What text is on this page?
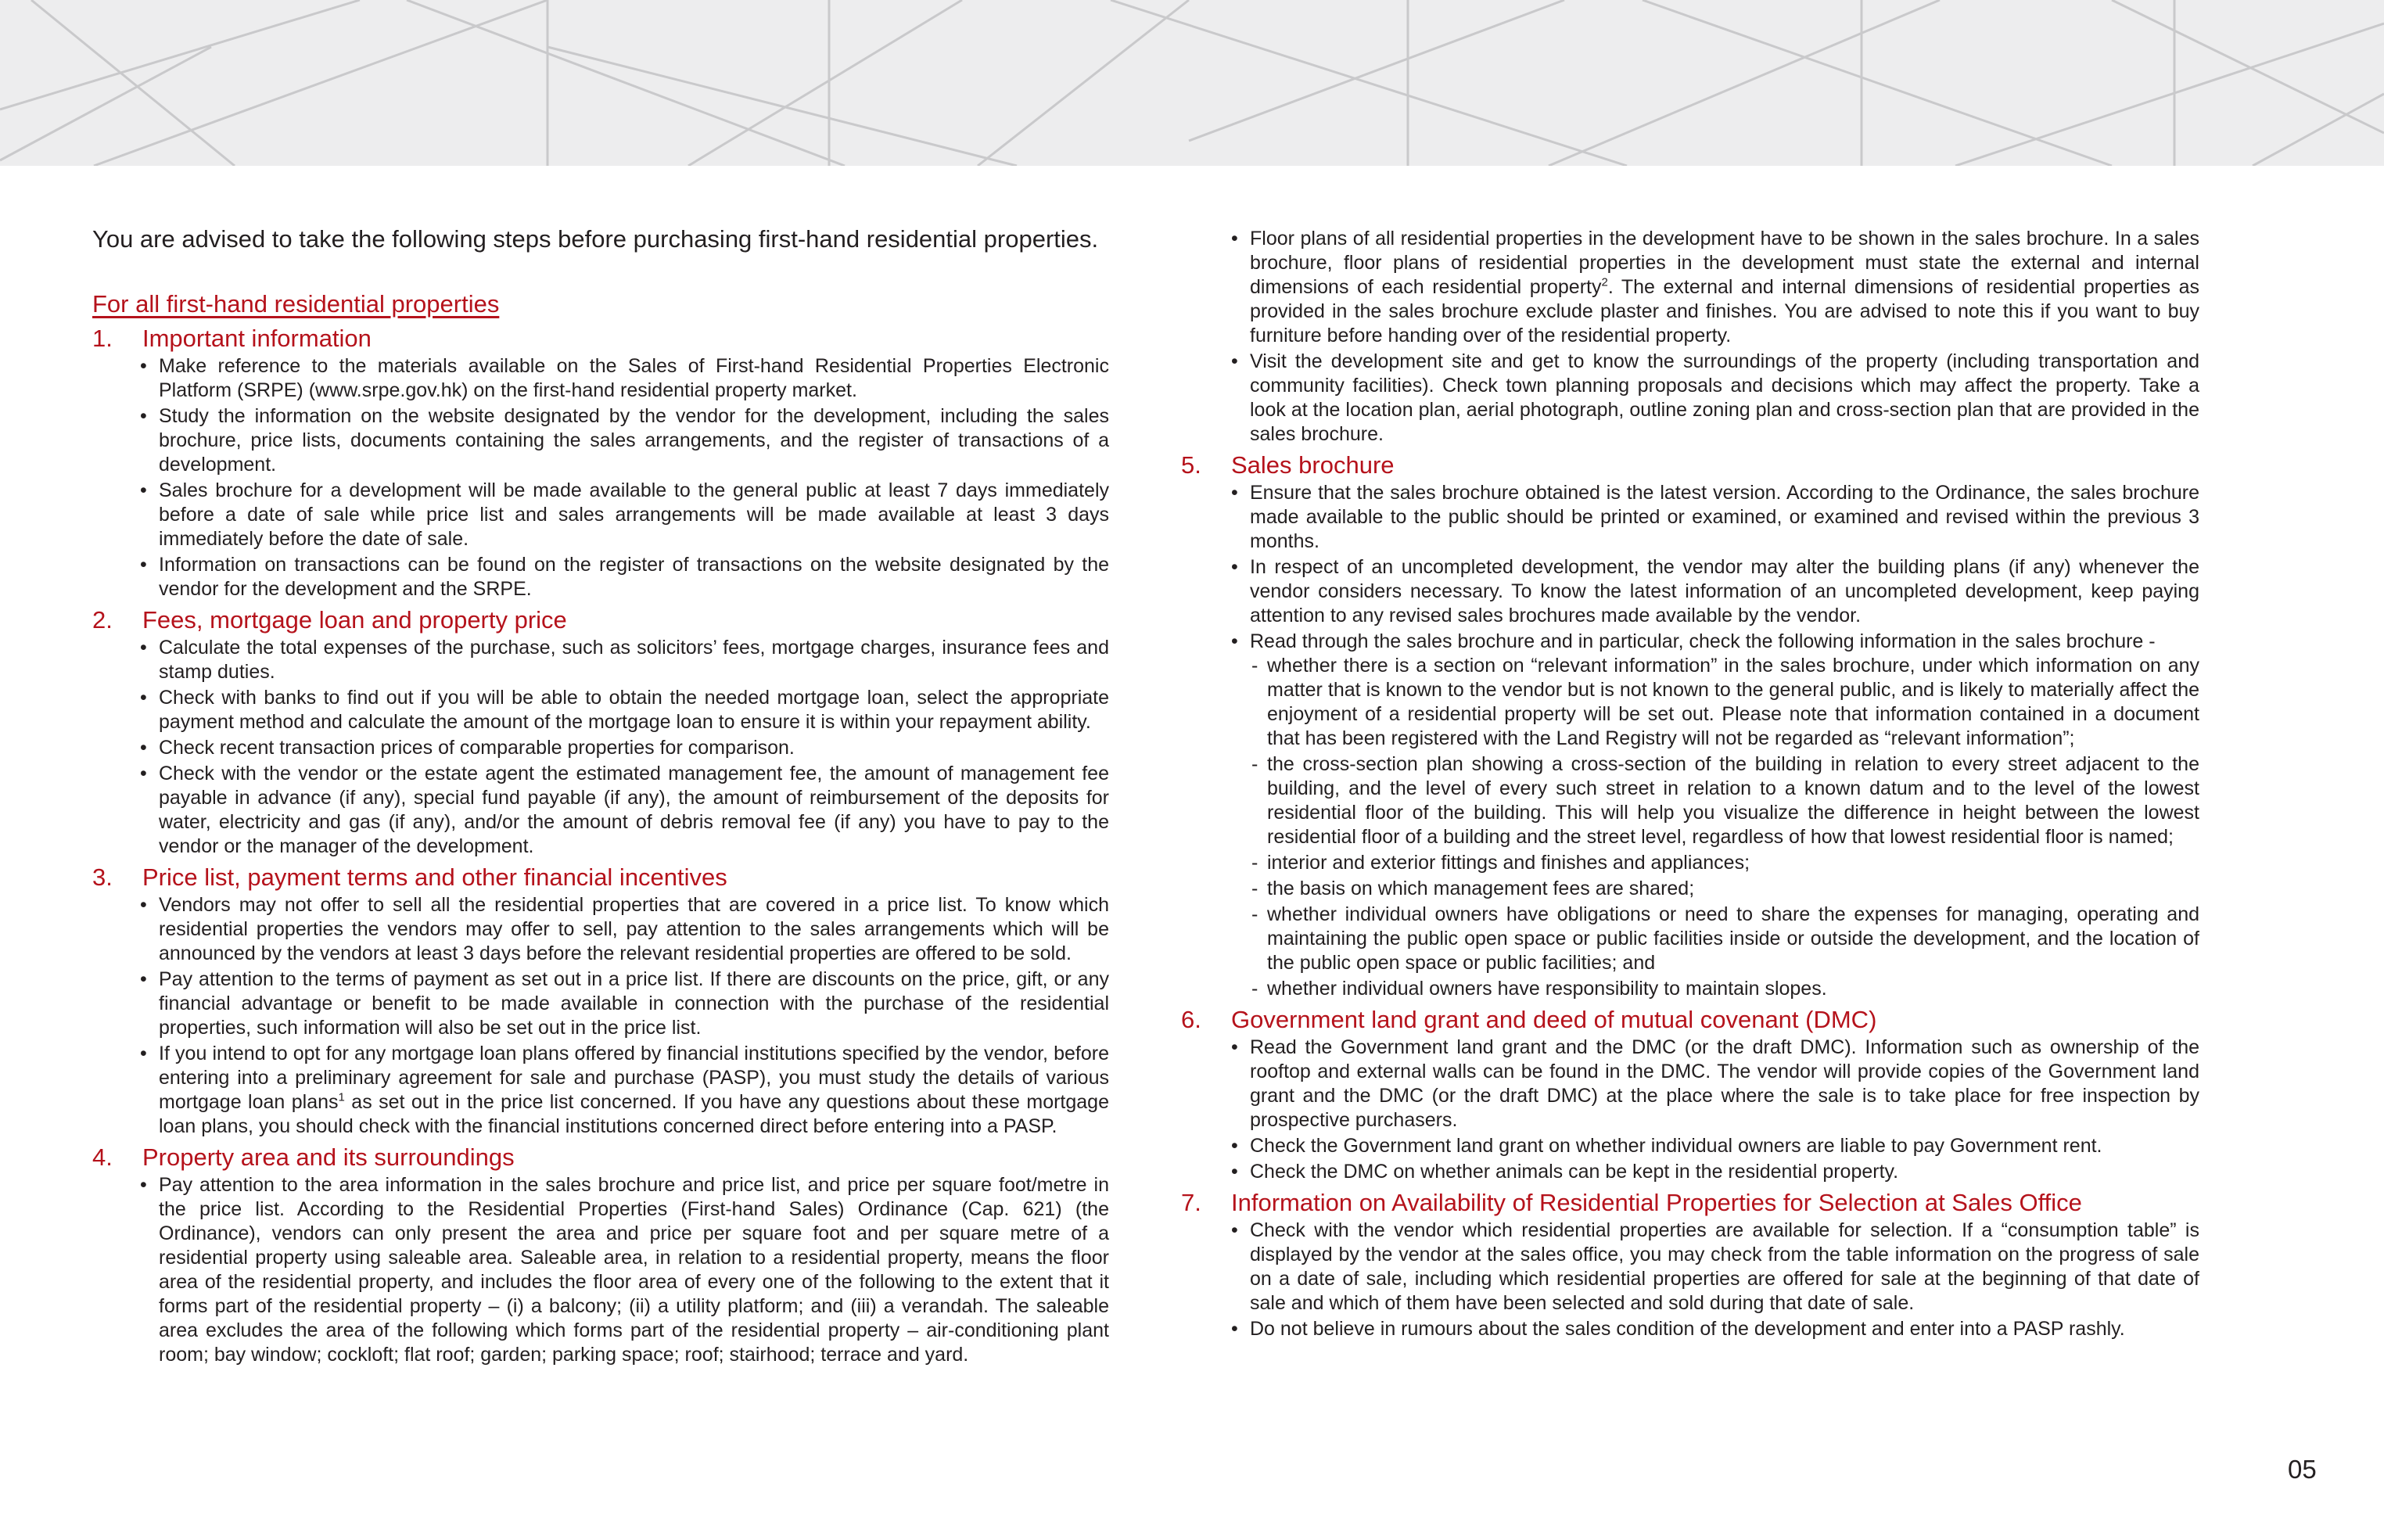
You are advised to take the following steps before purchasing first-hand residential properties.

For all first-hand residential properties
1. Important information
• Make reference to the materials available on the Sales of First-hand Residential Properties Electronic Platform (SRPE) (www.srpe.gov.hk) on the first-hand residential property market.
• Study the information on the website designated by the vendor for the development, including the sales brochure, price lists, documents containing the sales arrangements, and the register of transactions of a development.
• Sales brochure for a development will be made available to the general public at least 7 days immediately before a date of sale while price list and sales arrangements will be made available at least 3 days immediately before the date of sale.
• Information on transactions can be found on the register of transactions on the website designated by the vendor for the development and the SRPE.
2. Fees, mortgage loan and property price
• Calculate the total expenses of the purchase, such as solicitors’ fees, mortgage charges, insurance fees and stamp duties.
• Check with banks to find out if you will be able to obtain the needed mortgage loan, select the appropriate payment method and calculate the amount of the mortgage loan to ensure it is within your repayment ability.
• Check recent transaction prices of comparable properties for comparison.
• Check with the vendor or the estate agent the estimated management fee, the amount of management fee payable in advance (if any), special fund payable (if any), the amount of reimbursement of the deposits for water, electricity and gas (if any), and/or the amount of debris removal fee (if any) you have to pay to the vendor or the manager of the development.
3. Price list, payment terms and other financial incentives
• Vendors may not offer to sell all the residential properties that are covered in a price list. To know which residential properties the vendors may offer to sell, pay attention to the sales arrangements which will be announced by the vendors at least 3 days before the relevant residential properties are offered to be sold.
• Pay attention to the terms of payment as set out in a price list. If there are discounts on the price, gift, or any financial advantage or benefit to be made available in connection with the purchase of the residential properties, such information will also be set out in the price list.
• If you intend to opt for any mortgage loan plans offered by financial institutions specified by the vendor, before entering into a preliminary agreement for sale and purchase (PASP), you must study the details of various mortgage loan plans$^1$ as set out in the price list concerned. If you have any questions about these mortgage loan plans, you should check with the financial institutions concerned direct before entering into a PASP.
4. Property area and its surroundings
• Pay attention to the area information in the sales brochure and price list, and price per square foot/metre in the price list. According to the Residential Properties (First-hand Sales) Ordinance (Cap. 621) (the Ordinance), vendors can only present the area and price per square foot and per square metre of a residential property using saleable area. Saleable area, in relation to a residential property, means the floor area of the residential property, and includes the floor area of every one of the following to the extent that it forms part of the residential property – (i) a balcony; (ii) a utility platform; and (iii) a verandah. The saleable area excludes the area of the following which forms part of the residential property – air-conditioning plant room; bay window; cockloft; flat roof; garden; parking space; roof; stairhood; terrace and yard.
• Floor plans of all residential properties in the development have to be shown in the sales brochure. In a sales brochure, floor plans of residential properties in the development must state the external and internal dimensions of each residential property$^2$. The external and internal dimensions of residential properties as provided in the sales brochure exclude plaster and finishes. You are advised to note this if you want to buy furniture before handing over of the residential property.
• Visit the development site and get to know the surroundings of the property (including transportation and community facilities). Check town planning proposals and decisions which may affect the property. Take a look at the location plan, aerial photograph, outline zoning plan and cross-section plan that are provided in the sales brochure.
5. Sales brochure
• Ensure that the sales brochure obtained is the latest version. According to the Ordinance, the sales brochure made available to the public should be printed or examined, or examined and revised within the previous 3 months.
• In respect of an uncompleted development, the vendor may alter the building plans (if any) whenever the vendor considers necessary. To know the latest information of an uncompleted development, keep paying attention to any revised sales brochures made available by the vendor.
• Read through the sales brochure and in particular, check the following information in the sales brochure -
- whether there is a section on “relevant information” in the sales brochure, under which information on any matter that is known to the vendor but is not known to the general public, and is likely to materially affect the enjoyment of a residential property will be set out. Please note that information contained in a document that has been registered with the Land Registry will not be regarded as “relevant information”;
- the cross-section plan showing a cross-section of the building in relation to every street adjacent to the building, and the level of every such street in relation to a known datum and to the level of the lowest residential floor of the building. This will help you visualize the difference in height between the lowest residential floor of a building and the street level, regardless of how that lowest residential floor is named;
- interior and exterior fittings and finishes and appliances;
- the basis on which management fees are shared;
- whether individual owners have obligations or need to share the expenses for managing, operating and maintaining the public open space or public facilities inside or outside the development, and the location of the public open space or public facilities; and
- whether individual owners have responsibility to maintain slopes.
6. Government land grant and deed of mutual covenant (DMC)
• Read the Government land grant and the DMC (or the draft DMC). Information such as ownership of the rooftop and external walls can be found in the DMC. The vendor will provide copies of the Government land grant and the DMC (or the draft DMC) at the place where the sale is to take place for free inspection by prospective purchasers.
• Check the Government land grant on whether individual owners are liable to pay Government rent.
• Check the DMC on whether animals can be kept in the residential property.
7. Information on Availability of Residential Properties for Selection at Sales Office
• Check with the vendor which residential properties are available for selection. If a “consumption table” is displayed by the vendor at the sales office, you may check from the table information on the progress of sale on a date of sale, including which residential properties are offered for sale at the beginning of that date of sale and which of them have been selected and sold during that date of sale.
• Do not believe in rumours about the sales condition of the development and enter into a PASP rashly.
05
